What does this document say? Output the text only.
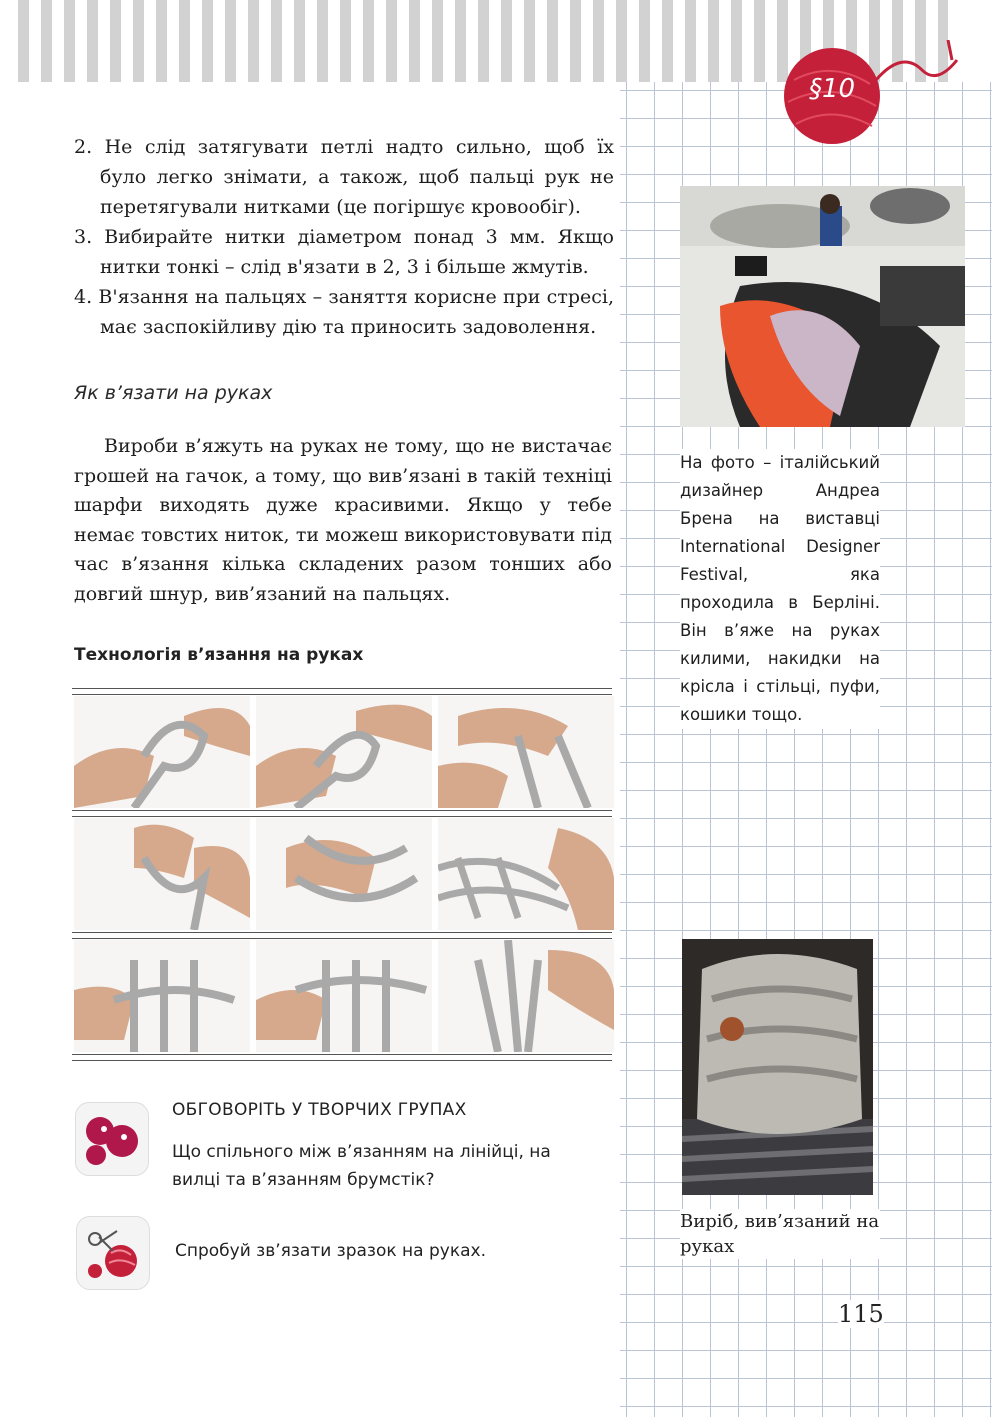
§10
2. Не слід затягувати петлі надто сильно, щоб їх було легко знімати, а також, щоб пальці рук не перетягували нитками (це погіршує кровообіг).
3. Вибирайте нитки діаметром понад 3 мм. Якщо нитки тонкі – слід в'язати в 2, 3 і більше жмутів.
4. В'язання на пальцях – заняття корисне при стресі, має заспокійливу дію та приносить задоволення.
Як в’язати на руках

Вироби в’яжуть на руках не тому, що не вистачає грошей на гачок, а тому, що вив’язані в такій техніці шарфи виходять дуже красивими. Якщо у тебе немає товстих ниток, ти можеш використовувати під час в’язання кілька складених разом тонших або довгий шнур, вив’язаний на пальцях.

Технологія в’язання на руках
ОБГОВОРІТЬ У ТВОРЧИХ ГРУПАХ

Що спільного між в’язанням на лінійці, на вилці та в’язанням брумстік?

Спробуй зв’язати зразок на руках.

На фото – італійський дизайнер Андреа Брена на виставці International Designer Festival, яка проходила в Берліні. Він в’яже на руках килими, накидки на крісла і стільці, пуфи, кошики тощо.

Виріб, вив’язаний на руках

115
